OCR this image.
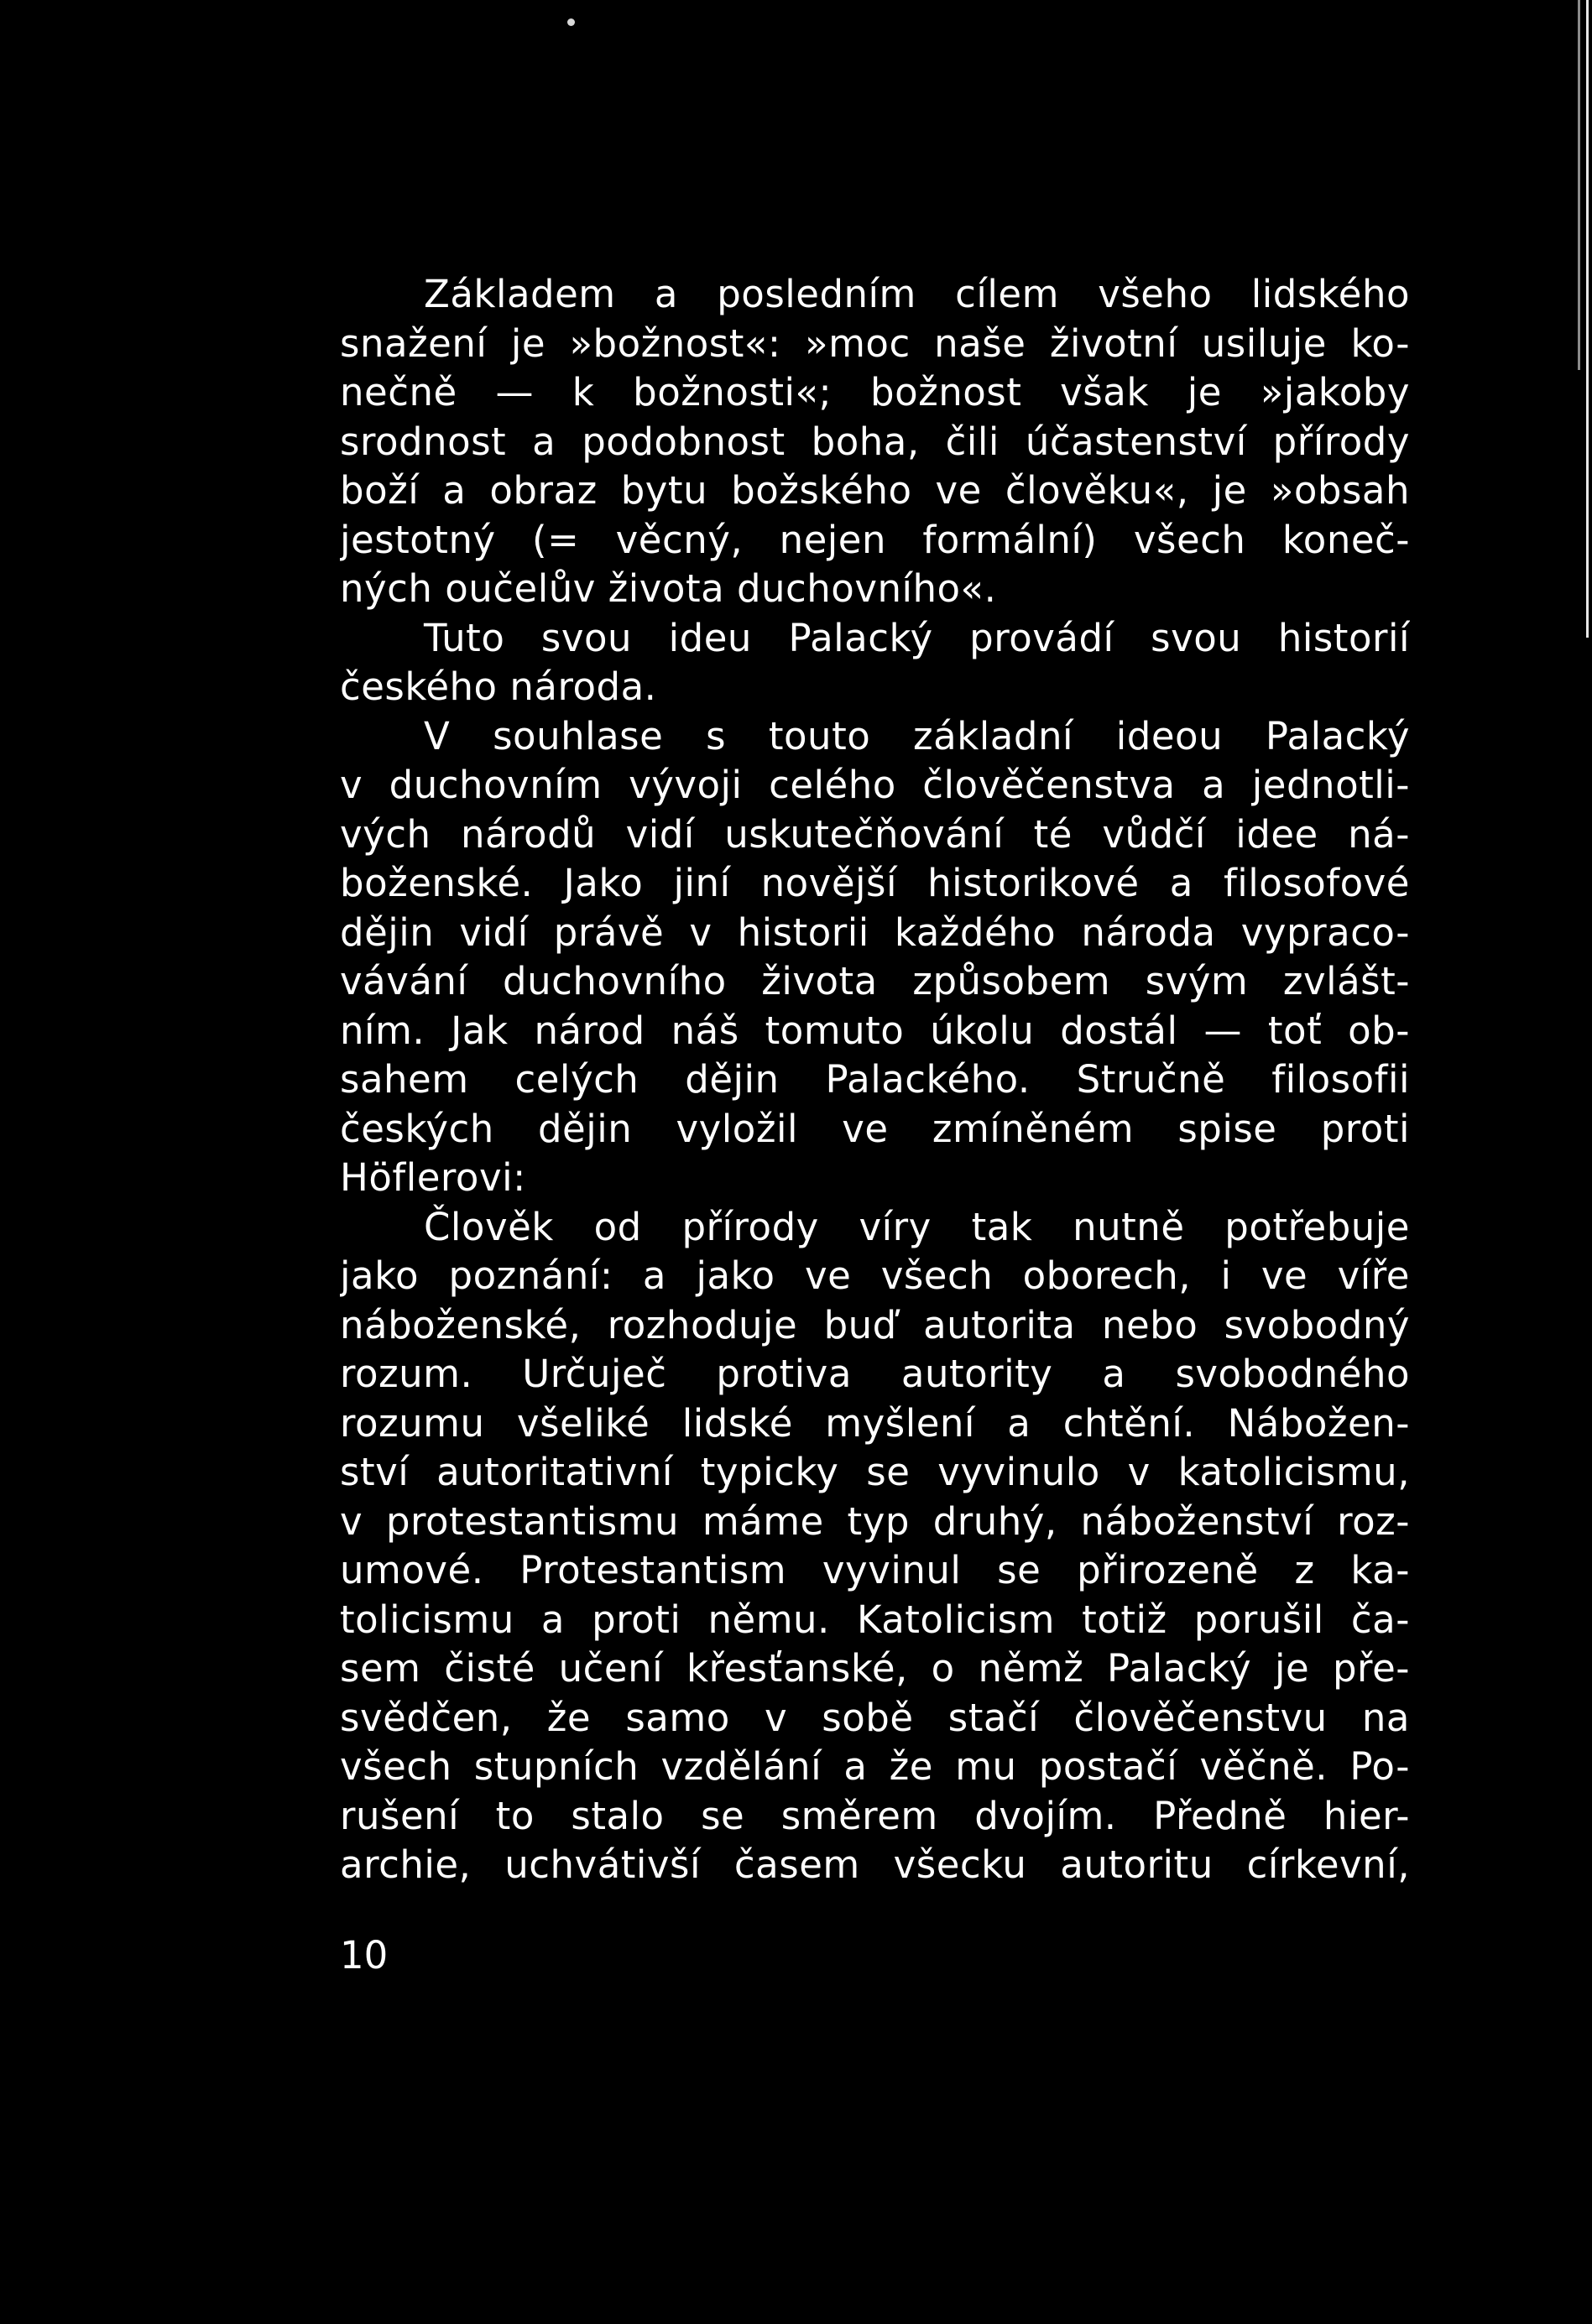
Základem a posledním cílem všeho lidského
snažení je »božnost«: »moc naše životní usiluje ko-
nečně — k božnosti«; božnost však je »jakoby
srodnost a podobnost boha, čili účastenství přírody
boží a obraz bytu božského ve člověku«, je »obsah
jestotný (= věcný, nejen formální) všech koneč-
ných oučelův života duchovního«.
Tuto svou ideu Palacký provádí svou historií
českého národa.
V souhlase s touto základní ideou Palacký
v duchovním vývoji celého člověčenstva a jednotli-
vých národů vidí uskutečňování té vůdčí idee ná-
boženské. Jako jiní novější historikové a filosofové
dějin vidí právě v historii každého národa vypraco-
vávání duchovního života způsobem svým zvlášt-
ním. Jak národ náš tomuto úkolu dostál — toť ob-
sahem celých dějin Palackého. Stručně filosofii
českých dějin vyložil ve zmíněném spise proti
Höflerovi:
Člověk od přírody víry tak nutně potřebuje
jako poznání: a jako ve všech oborech, i ve víře
náboženské, rozhoduje buď autorita nebo svobodný
rozum. Určuječ protiva autority a svobodného
rozumu všeliké lidské myšlení a chtění. Nábožen-
ství autoritativní typicky se vyvinulo v katolicismu,
v protestantismu máme typ druhý, náboženství roz-
umové. Protestantism vyvinul se přirozeně z ka-
tolicismu a proti němu. Katolicism totiž porušil ča-
sem čisté učení křesťanské, o němž Palacký je pře-
svědčen, že samo v sobě stačí člověčenstvu na
všech stupních vzdělání a že mu postačí věčně. Po-
rušení to stalo se směrem dvojím. Předně hier-
archie, uchvátivší časem všecku autoritu církevní,
10
